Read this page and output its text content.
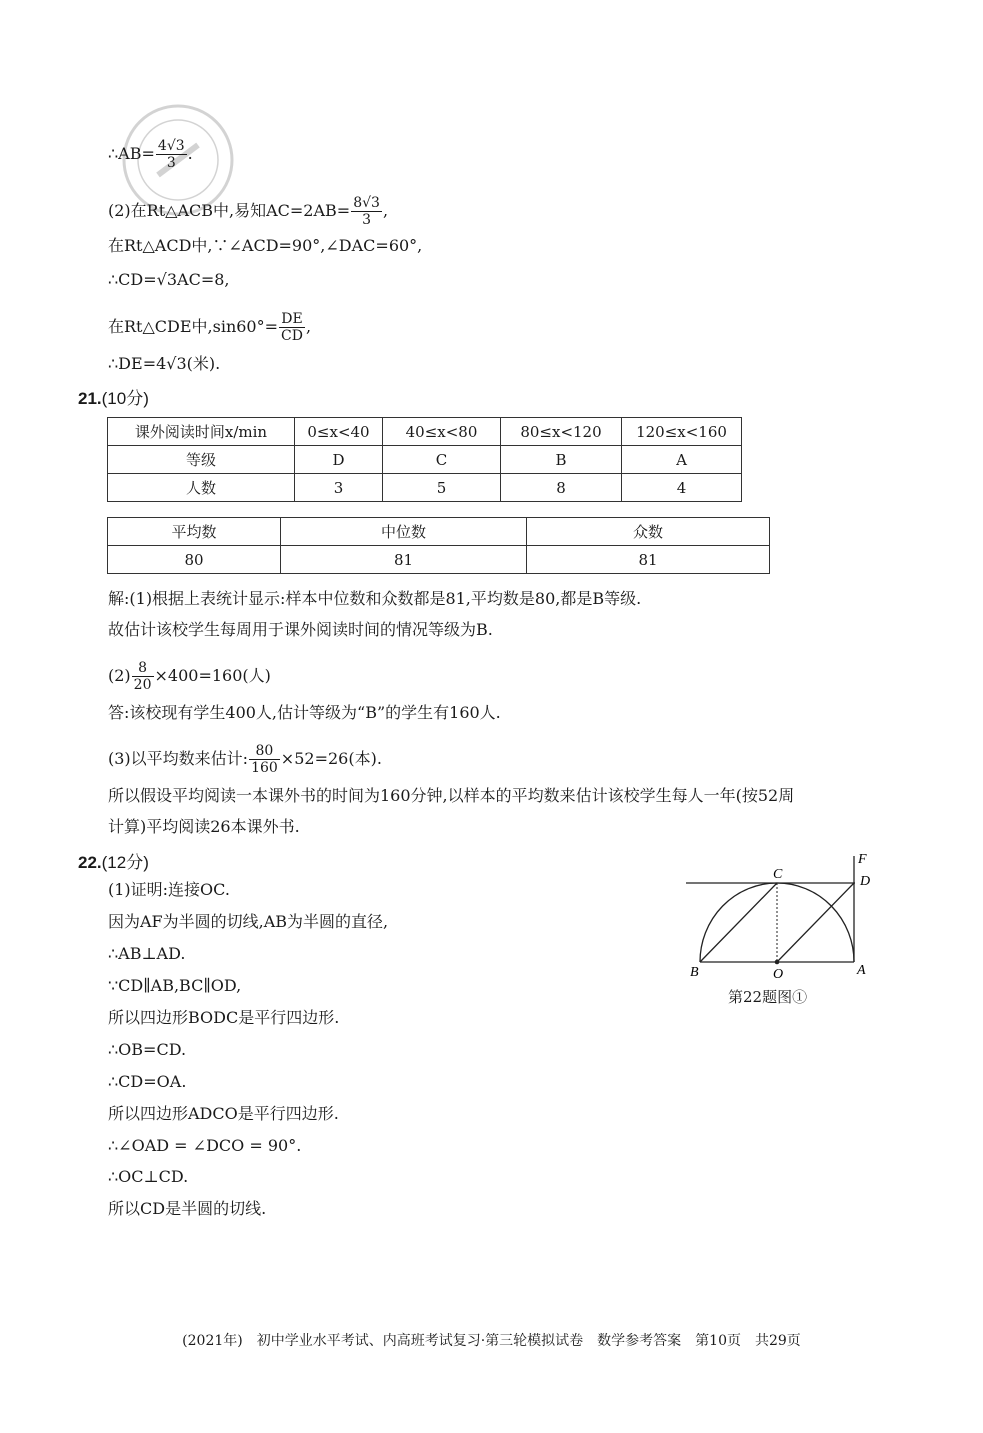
∴AB= $\frac{4√3}{3}$ .
(2)在Rt△ACB中,易知$AC=2AB= \frac{8√3}{3}$ ,
在Rt△ACD中,∵∠ACD=90°,∠DAC=60°,
∴CD=√3AC=8,
在Rt△CDE中$,\sin 60^\circ= \frac{DE}{CD}$ ,
∴DE=4√3(米).
21.(10分)
课外阅读时间x/min	0≤x<40	40≤x<80	80≤x<120	120≤x<160
等级	D	C	B	A
人数	3	5	8	4
平均数	中位数	众数
80	81	81
解:(1)根据上表统计显示:样本中位数和众数都是81,平均数是80,都是B等级.
故估计该校学生每周用于课外阅读时间的情况等级为B.
$(2) \frac{8}{20} \times 400=160$(人)
答:该校现有学生400人,估计等级为“B”的学生有160人.
(3)以平均数来估计: $\frac{80}{160} \times 52=26$(本).
所以假设平均阅读一本课外书的时间为160分钟,以样本的平均数来估计该校学生每人一年(按52周
计算)平均阅读26本课外书.
22.(12分)
(1)证明:连接OC.
因为AF为半圆的切线,AB为半圆的直径,
∴AB⊥AD.
∵CD∥AB,BC∥OD,
所以四边形BODC是平行四边形.
∴OB=CD.
∴CD=OA.
所以四边形ADCO是平行四边形.
∴∠OAD = ∠DCO = 90°.
∴OC⊥CD.
所以CD是半圆的切线.
C
F
D
B	O	A
第22题图①
(2021年)　初中学业水平考试、内高班考试复习·第三轮模拟试卷　数学参考答案　第10页　共29页
